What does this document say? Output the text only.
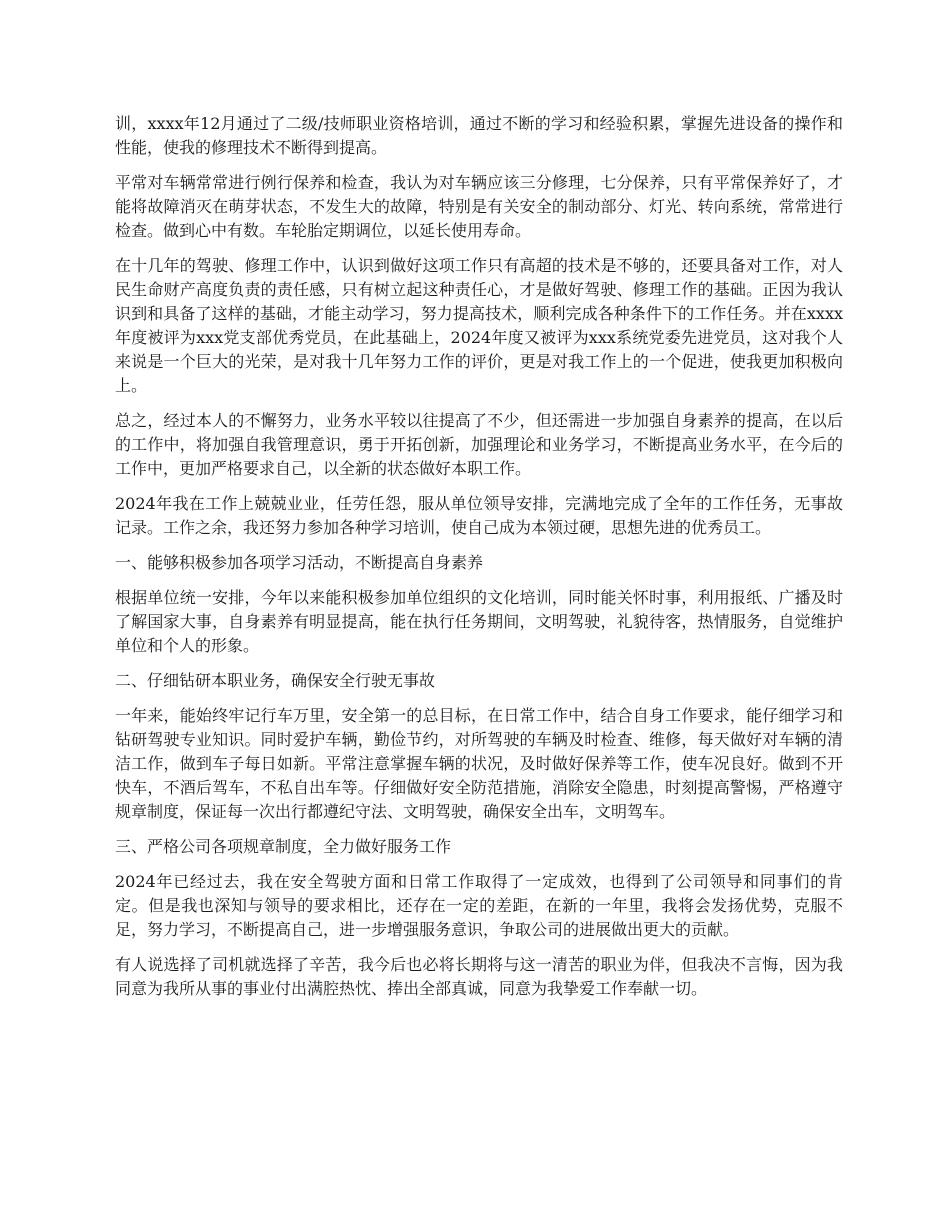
训，xxxx年12月通过了二级/技师职业资格培训，通过不断的学习和经验积累，掌握先进设备的操作和性能，使我的修理技术不断得到提高。

平常对车辆常常进行例行保养和检查，我认为对车辆应该三分修理，七分保养，只有平常保养好了，才能将故障消灭在萌芽状态，不发生大的故障，特别是有关安全的制动部分、灯光、转向系统，常常进行检查。做到心中有数。车轮胎定期调位，以延长使用寿命。

在十几年的驾驶、修理工作中，认识到做好这项工作只有高超的技术是不够的，还要具备对工作，对人民生命财产高度负责的责任感，只有树立起这种责任心，才是做好驾驶、修理工作的基础。正因为我认识到和具备了这样的基础，才能主动学习，努力提高技术，顺利完成各种条件下的工作任务。并在xxxx年度被评为xxx党支部优秀党员，在此基础上，2024年度又被评为xxx系统党委先进党员，这对我个人来说是一个巨大的光荣，是对我十几年努力工作的评价，更是对我工作上的一个促进，使我更加积极向上。

总之，经过本人的不懈努力，业务水平较以往提高了不少，但还需进一步加强自身素养的提高，在以后的工作中，将加强自我管理意识，勇于开拓创新，加强理论和业务学习，不断提高业务水平，在今后的工作中，更加严格要求自己，以全新的状态做好本职工作。

2024年我在工作上兢兢业业，任劳任怨，服从单位领导安排，完满地完成了全年的工作任务，无事故记录。工作之余，我还努力参加各种学习培训，使自己成为本领过硬，思想先进的优秀员工。

一、能够积极参加各项学习活动，不断提高自身素养

根据单位统一安排，今年以来能积极参加单位组织的文化培训，同时能关怀时事，利用报纸、广播及时了解国家大事，自身素养有明显提高，能在执行任务期间，文明驾驶，礼貌待客，热情服务，自觉维护单位和个人的形象。

二、仔细钻研本职业务，确保安全行驶无事故

一年来，能始终牢记行车万里，安全第一的总目标，在日常工作中，结合自身工作要求，能仔细学习和钻研驾驶专业知识。同时爱护车辆，勤俭节约，对所驾驶的车辆及时检查、维修，每天做好对车辆的清洁工作，做到车子每日如新。平常注意掌握车辆的状况，及时做好保养等工作，使车况良好。做到不开快车，不酒后驾车，不私自出车等。仔细做好安全防范措施，消除安全隐患，时刻提高警惕，严格遵守规章制度，保证每一次出行都遵纪守法、文明驾驶，确保安全出车，文明驾车。

三、严格公司各项规章制度，全力做好服务工作

2024年已经过去，我在安全驾驶方面和日常工作取得了一定成效，也得到了公司领导和同事们的肯定。但是我也深知与领导的要求相比，还存在一定的差距，在新的一年里，我将会发扬优势，克服不足，努力学习，不断提高自己，进一步增强服务意识，争取公司的进展做出更大的贡献。

有人说选择了司机就选择了辛苦，我今后也必将长期将与这一清苦的职业为伴，但我决不言悔，因为我同意为我所从事的事业付出满腔热忱、捧出全部真诚，同意为我挚爱工作奉献一切。
